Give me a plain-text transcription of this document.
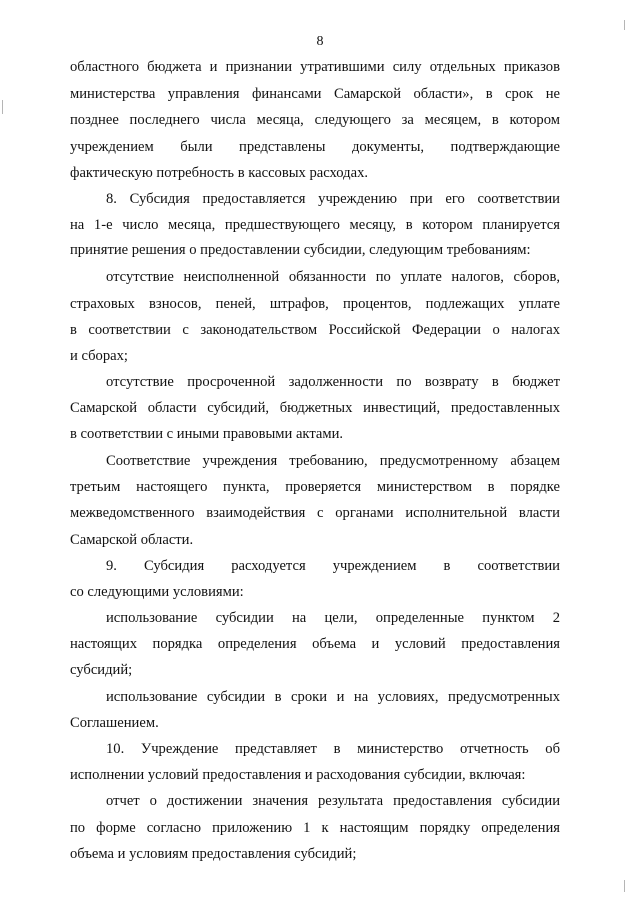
8
областного бюджета и признании утратившими силу отдельных приказов
министерства управления финансами Самарской области», в срок не
позднее последнего числа месяца, следующего за месяцем, в котором
учреждением были представлены документы, подтверждающие
фактическую потребность в кассовых расходах.
8. Субсидия предоставляется учреждению при его соответствии
на 1-е число месяца, предшествующего месяцу, в котором планируется
принятие решения о предоставлении субсидии, следующим требованиям:
отсутствие неисполненной обязанности по уплате налогов, сборов,
страховых взносов, пеней, штрафов, процентов, подлежащих уплате
в соответствии с законодательством Российской Федерации о налогах
и сборах;
отсутствие просроченной задолженности по возврату в бюджет
Самарской области субсидий, бюджетных инвестиций, предоставленных
в соответствии с иными правовыми актами.
Соответствие учреждения требованию, предусмотренному абзацем
третьим настоящего пункта, проверяется министерством в порядке
межведомственного взаимодействия с органами исполнительной власти
Самарской области.
9. Субсидия расходуется учреждением в соответствии
со следующими условиями:
использование субсидии на цели, определенные пунктом 2
настоящих порядка определения объема и условий предоставления
субсидий;
использование субсидии в сроки и на условиях, предусмотренных
Соглашением.
10. Учреждение представляет в министерство отчетность об
исполнении условий предоставления и расходования субсидии, включая:
отчет о достижении значения результата предоставления субсидии
по форме согласно приложению 1 к настоящим порядку определения
объема и условиям предоставления субсидий;
